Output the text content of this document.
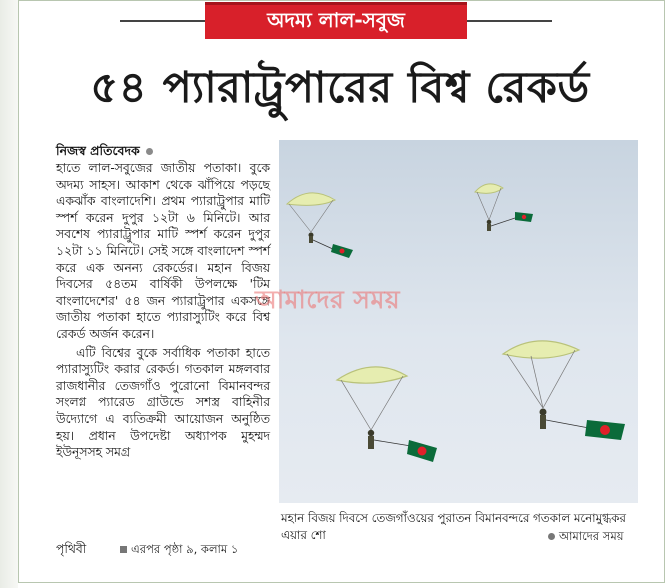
অদম্য লাল-সবুজ
৫৪ প্যারাট্রুপারের বিশ্ব রেকর্ড
নিজস্ব প্রতিবেদক

হাতে লাল-সবুজের জাতীয় পতাকা। বুকে অদম্য সাহস। আকাশ থেকে ঝাঁপিয়ে পড়ছে একঝাঁক বাংলাদেশি। প্রথম প্যারাট্রুপার মাটি স্পর্শ করেন দুপুর ১২টা ৬ মিনিটে। আর সবশেষ প্যারাট্রুপার মাটি স্পর্শ করেন দুপুর ১২টা ১১ মিনিটে। সেই সঙ্গে বাংলাদেশ স্পর্শ করে এক অনন্য রেকর্ডের। মহান বিজয় দিবসের ৫৪তম বার্ষিকী উপলক্ষে 'টিম বাংলাদেশের' ৫৪ জন প্যারাট্রুপার একসঙ্গে জাতীয় পতাকা হাতে প্যারাস্যুটিং করে বিশ্ব রেকর্ড অর্জন করেন।

এটি বিশ্বের বুকে সর্বাধিক পতাকা হাতে প্যারাস্যুটিং করার রেকর্ড। গতকাল মঙ্গলবার রাজধানীর তেজগাঁও পুরোনো বিমানবন্দর সংলগ্ন প্যারেড গ্রাউন্ডে সশস্ত্র বাহিনীর উদ্যোগে এ ব্যতিক্রমী আয়োজন অনুষ্ঠিত হয়। প্রধান উপদেষ্টা অধ্যাপক মুহম্মদ ইউনূসসহ সমগ্র

পৃথিবী	এরপর পৃষ্ঠা ৯, কলাম ১
আমাদের সময়
মহান বিজয় দিবসে তেজগাঁওয়ের পুরাতন বিমানবন্দরে গতকাল মনোমুগ্ধকর এয়ার শো	আমাদের সময়
